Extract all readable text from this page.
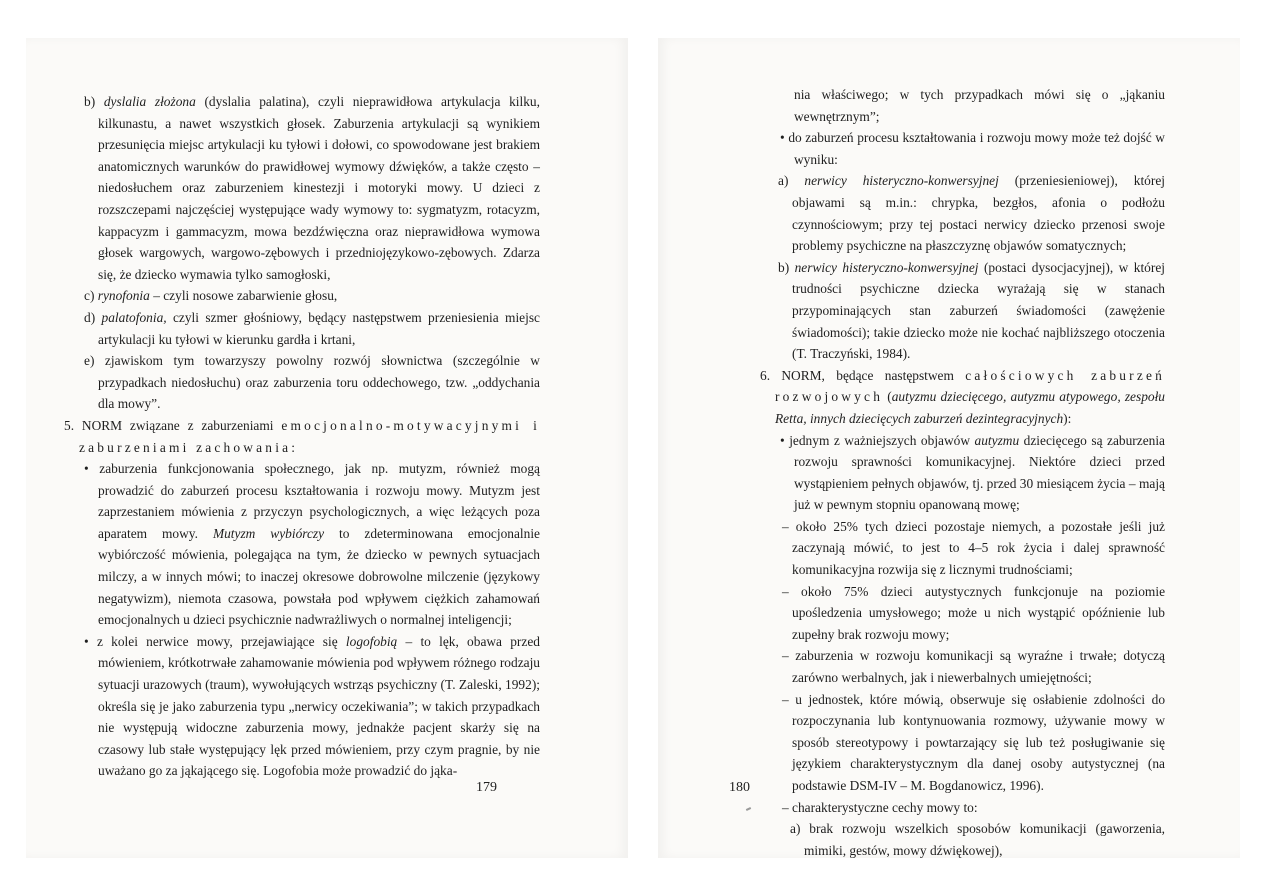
b) dyslalia złożona (dyslalia palatina), czyli nieprawidłowa artykulacja kilku, kilkunastu, a nawet wszystkich głosek. Zaburzenia artykulacji są wynikiem przesunięcia miejsc artykulacji ku tyłowi i dołowi, co spowodowane jest brakiem anatomicznych warunków do prawidłowej wymowy dźwięków, a także często – niedosłuchem oraz zaburzeniem kinestezji i motoryki mowy. U dzieci z rozszczepami najczęściej występujące wady wymowy to: sygmatyzm, rotacyzm, kappacyzm i gammacyzm, mowa bezdźwięczna oraz nieprawidłowa wymowa głosek wargowych, wargowo-zębowych i przedniojęzykowo-zębowych. Zdarza się, że dziecko wymawia tylko samogłoski,

c) rynofonia – czyli nosowe zabarwienie głosu,

d) palatofonia, czyli szmer głośniowy, będący następstwem przeniesienia miejsc artykulacji ku tyłowi w kierunku gardła i krtani,

e) zjawiskom tym towarzyszy powolny rozwój słownictwa (szczególnie w przypadkach niedosłuchu) oraz zaburzenia toru oddechowego, tzw. „oddychania dla mowy”.

5. NORM związane z zaburzeniami emocjonalno-motywacyjnymi i zaburzeniami zachowania:

• zaburzenia funkcjonowania społecznego, jak np. mutyzm, również mogą prowadzić do zaburzeń procesu kształtowania i rozwoju mowy. Mutyzm jest zaprzestaniem mówienia z przyczyn psychologicznych, a więc leżących poza aparatem mowy. Mutyzm wybiórczy to zdeterminowana emocjonalnie wybiórczość mówienia, polegająca na tym, że dziecko w pewnych sytuacjach milczy, a w innych mówi; to inaczej okresowe dobrowolne milczenie (językowy negatywizm), niemota czasowa, powstała pod wpływem ciężkich zahamowań emocjonalnych u dzieci psychicznie nadwrażliwych o normalnej inteligencji;

• z kolei nerwice mowy, przejawiające się logofobią – to lęk, obawa przed mówieniem, krótkotrwałe zahamowanie mówienia pod wpływem różnego rodzaju sytuacji urazowych (traum), wywołujących wstrząs psychiczny (T. Zaleski, 1992); określa się je jako zaburzenia typu „nerwicy oczekiwania”; w takich przypadkach nie występują widoczne zaburzenia mowy, jednakże pacjent skarży się na czasowy lub stałe występujący lęk przed mówieniem, przy czym pragnie, by nie uważano go za jąkającego się. Logofobia może prowadzić do jąka-

179

nia właściwego; w tych przypadkach mówi się o „jąkaniu wewnętrznym”;

• do zaburzeń procesu kształtowania i rozwoju mowy może też dojść w wyniku:

a) nerwicy histeryczno-konwersyjnej (przeniesieniowej), której objawami są m.in.: chrypka, bezgłos, afonia o podłożu czynnościowym; przy tej postaci nerwicy dziecko przenosi swoje problemy psychiczne na płaszczyznę objawów somatycznych;

b) nerwicy histeryczno-konwersyjnej (postaci dysocjacyjnej), w której trudności psychiczne dziecka wyrażają się w stanach przypominających stan zaburzeń świadomości (zawężenie świadomości); takie dziecko może nie kochać najbliższego otoczenia (T. Traczyński, 1984).

6. NORM, będące następstwem całościowych zaburzeń rozwojowych (autyzmu dziecięcego, autyzmu atypowego, zespołu Retta, innych dziecięcych zaburzeń dezintegracyjnych):

• jednym z ważniejszych objawów autyzmu dziecięcego są zaburzenia rozwoju sprawności komunikacyjnej. Niektóre dzieci przed wystąpieniem pełnych objawów, tj. przed 30 miesiącem życia – mają już w pewnym stopniu opanowaną mowę;

– około 25% tych dzieci pozostaje niemych, a pozostałe jeśli już zaczynają mówić, to jest to 4–5 rok życia i dalej sprawność komunikacyjna rozwija się z licznymi trudnościami;

– około 75% dzieci autystycznych funkcjonuje na poziomie upośledzenia umysłowego; może u nich wystąpić opóźnienie lub zupełny brak rozwoju mowy;

– zaburzenia w rozwoju komunikacji są wyraźne i trwałe; dotyczą zarówno werbalnych, jak i niewerbalnych umiejętności;

– u jednostek, które mówią, obserwuje się osłabienie zdolności do rozpoczynania lub kontynuowania rozmowy, używanie mowy w sposób stereotypowy i powtarzający się lub też posługiwanie się językiem charakterystycznym dla danej osoby autystycznej (na podstawie DSM-IV – M. Bogdanowicz, 1996).

– charakterystyczne cechy mowy to:

a) brak rozwoju wszelkich sposobów komunikacji (gaworzenia, mimiki, gestów, mowy dźwiękowej),

180
